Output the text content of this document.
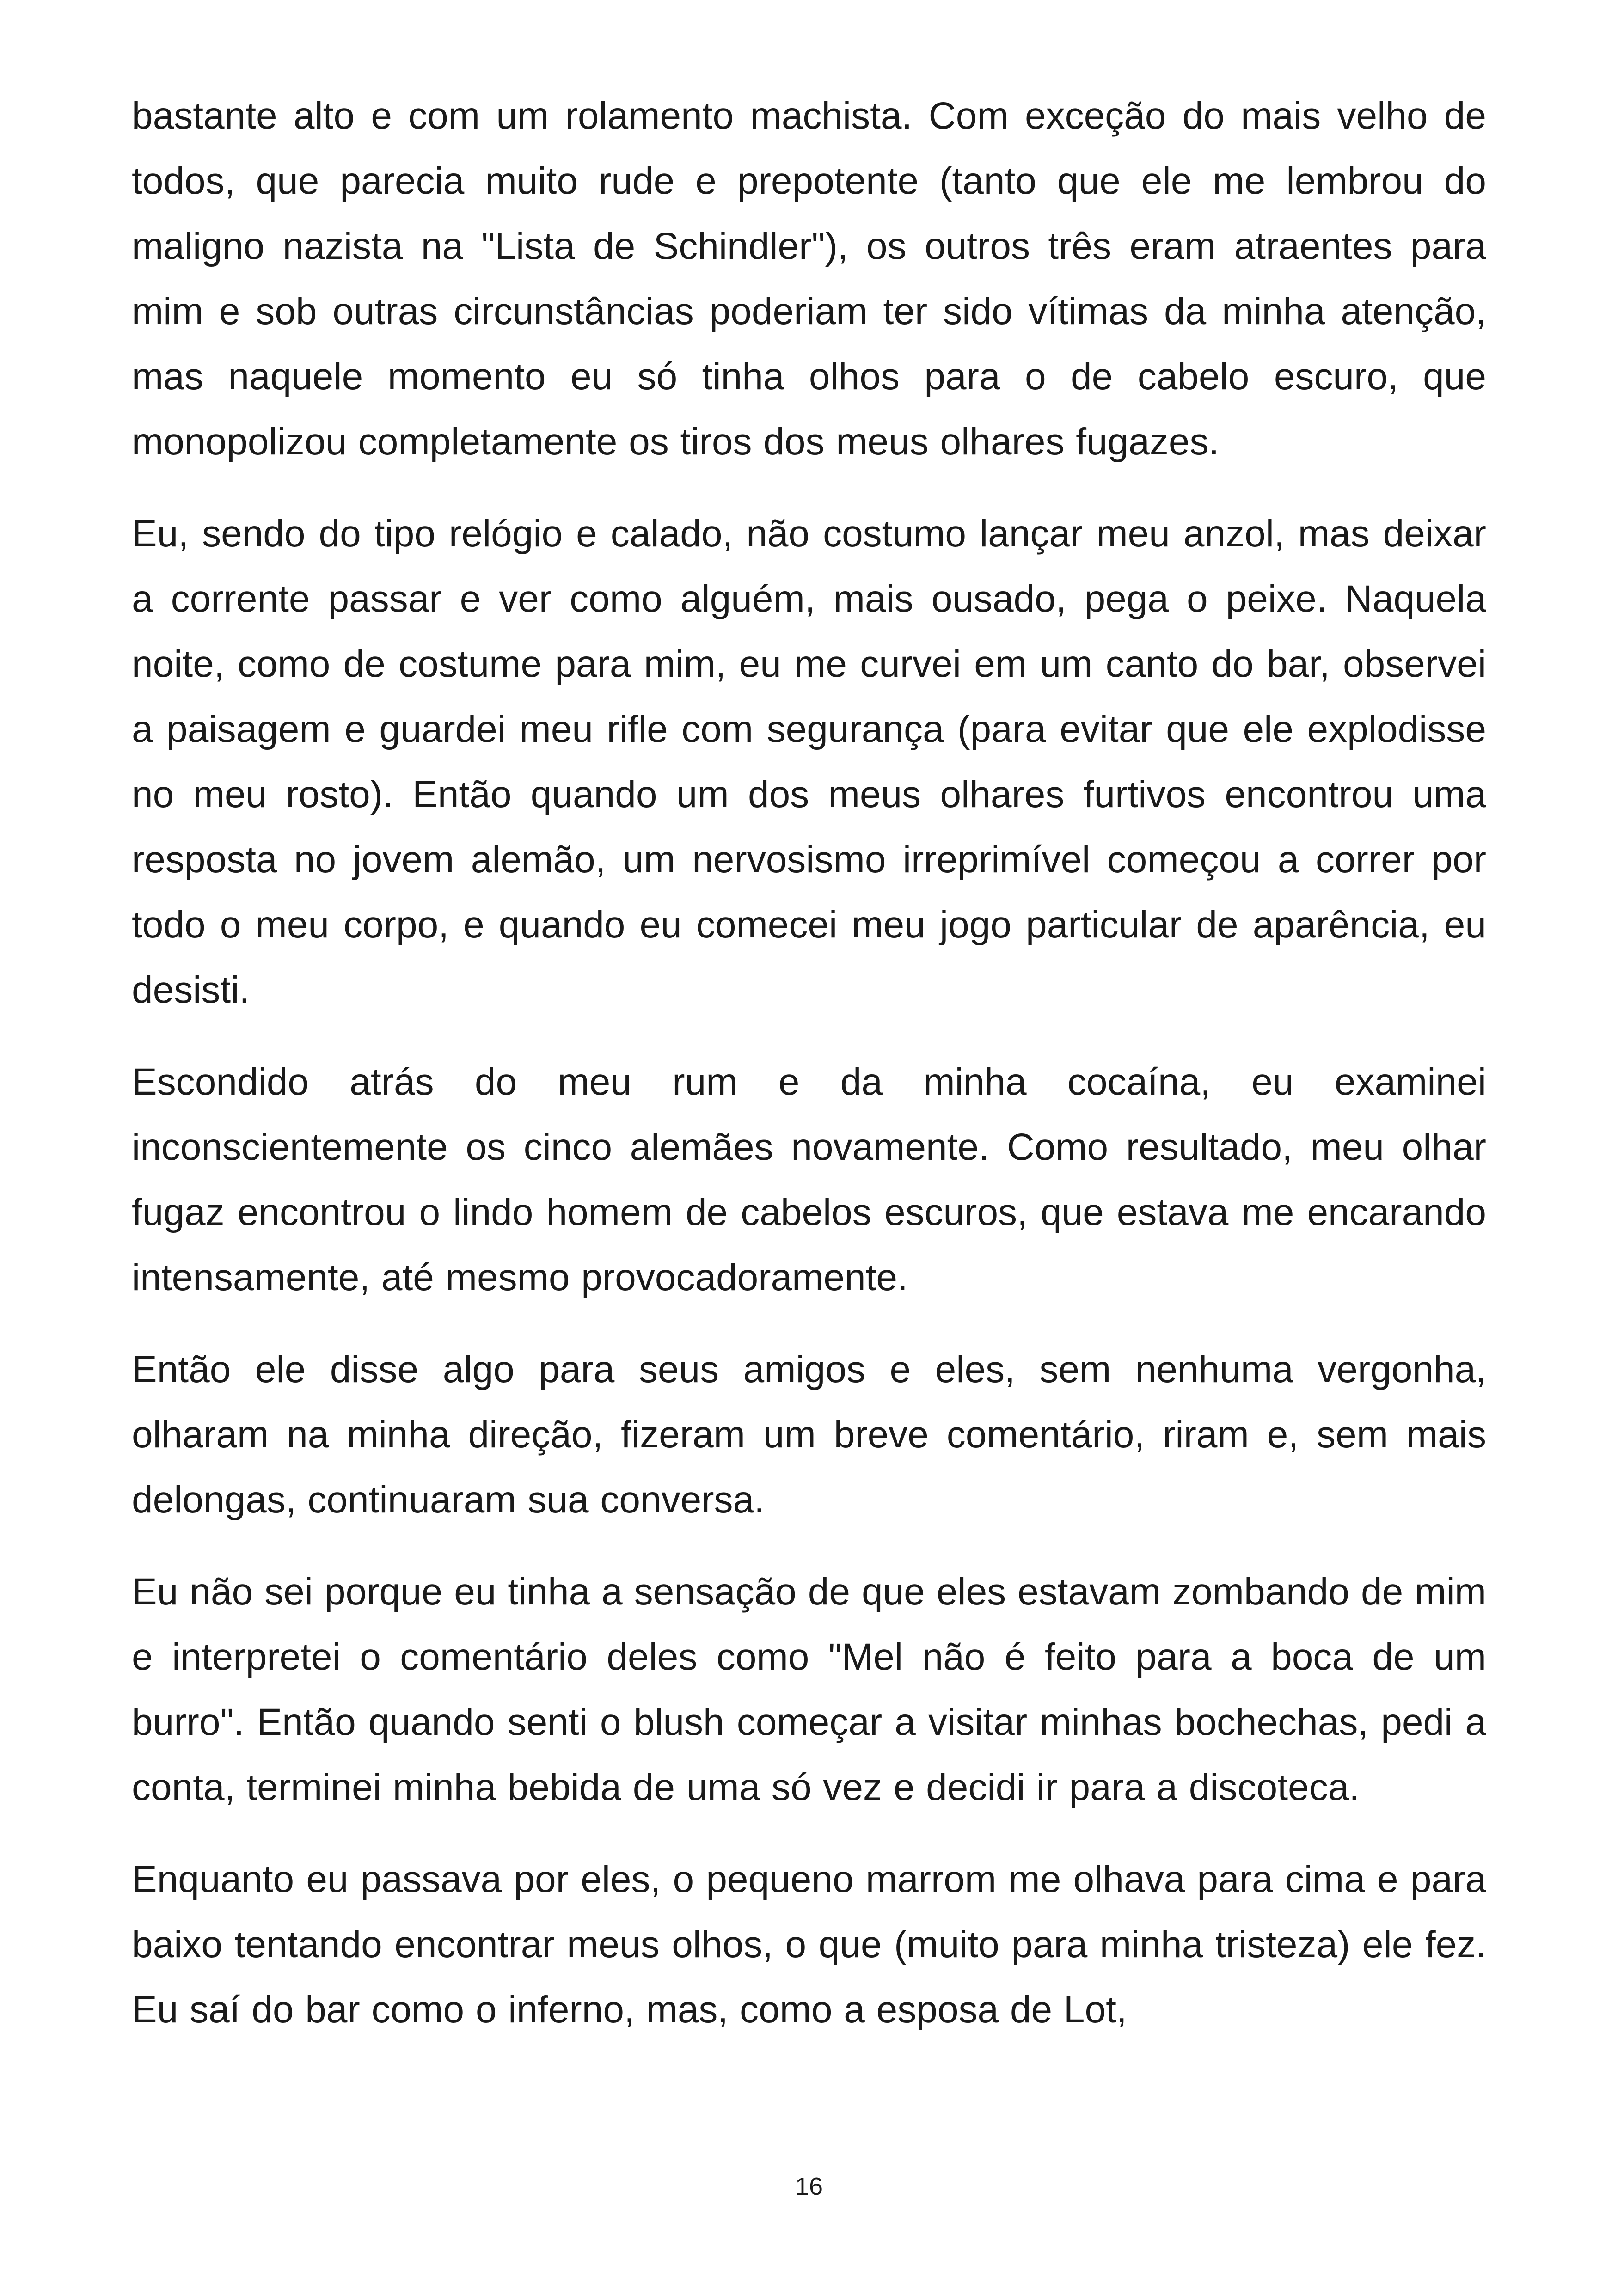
bastante alto e com um rolamento machista. Com exceção do mais velho de todos, que parecia muito rude e prepotente (tanto que ele me lembrou do maligno nazista na "Lista de Schindler"), os outros três eram atraentes para mim e sob outras circunstâncias poderiam ter sido vítimas da minha atenção, mas naquele momento eu só tinha olhos para o de cabelo escuro, que monopolizou completamente os tiros dos meus olhares fugazes.

Eu, sendo do tipo relógio e calado, não costumo lançar meu anzol, mas deixar a corrente passar e ver como alguém, mais ousado, pega o peixe. Naquela noite, como de costume para mim, eu me curvei em um canto do bar, observei a paisagem e guardei meu rifle com segurança (para evitar que ele explodisse no meu rosto). Então quando um dos meus olhares furtivos encontrou uma resposta no jovem alemão, um nervosismo irreprimível começou a correr por todo o meu corpo, e quando eu comecei meu jogo particular de aparência, eu desisti.

Escondido atrás do meu rum e da minha cocaína, eu examinei inconscientemente os cinco alemães novamente. Como resultado, meu olhar fugaz encontrou o lindo homem de cabelos escuros, que estava me encarando intensamente, até mesmo provocadoramente.

Então ele disse algo para seus amigos e eles, sem nenhuma vergonha, olharam na minha direção, fizeram um breve comentário, riram e, sem mais delongas, continuaram sua conversa.

Eu não sei porque eu tinha a sensação de que eles estavam zombando de mim e interpretei o comentário deles como "Mel não é feito para a boca de um burro". Então quando senti o blush começar a visitar minhas bochechas, pedi a conta, terminei minha bebida de uma só vez e decidi ir para a discoteca.

Enquanto eu passava por eles, o pequeno marrom me olhava para cima e para baixo tentando encontrar meus olhos, o que (muito para minha tristeza) ele fez. Eu saí do bar como o inferno, mas, como a esposa de Lot,

16
